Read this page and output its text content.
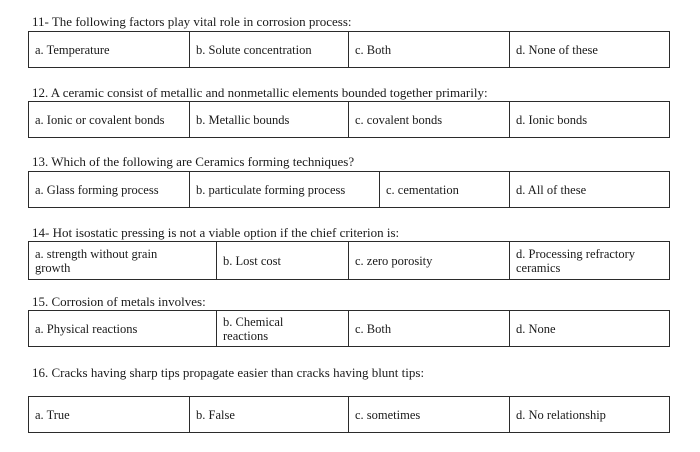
11- The following factors play vital role in corrosion process:
a. Temperature	b. Solute concentration	c. Both	d. None of these
12. A ceramic consist of metallic and nonmetallic elements bounded together primarily:
a. Ionic or covalent bonds	b. Metallic bounds	c. covalent bonds	d. Ionic bonds
13. Which of the following are Ceramics forming techniques?
a. Glass forming process	b. particulate forming process	c. cementation	d. All of these
14- Hot isostatic pressing is not a viable option if the chief criterion is:
a. strength without grain growth	b. Lost cost	c. zero porosity	d. Processing refractory ceramics
15. Corrosion of metals involves:
a. Physical reactions	b. Chemical reactions	c. Both	d. None
16. Cracks having sharp tips propagate easier than cracks having blunt tips:
a. True	b. False	c. sometimes	d. No relationship
